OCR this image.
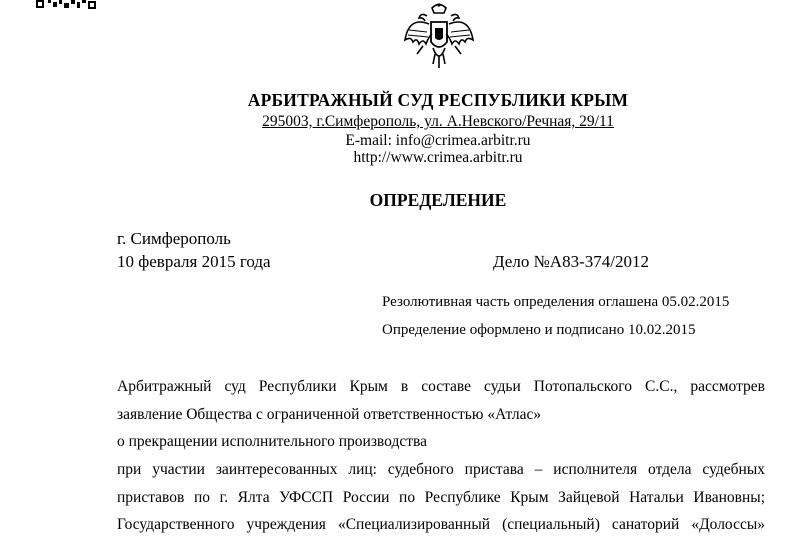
АРБИТРАЖНЫЙ СУД РЕСПУБЛИКИ КРЫМ
295003, г.Симферополь, ул. А.Невского/Речная, 29/11
E-mail: info@crimea.arbitr.ru
http://www.crimea.arbitr.ru
ОПРЕДЕЛЕНИЕ
г. Симферополь
10 февраля 2015 года	Дело №А83-374/2012
Резолютивная часть определения оглашена 05.02.2015
Определение оформлено и подписано 10.02.2015
Арбитражный суд Республики Крым в составе судьи Потопальского С.С., рассмотрев
заявление Общества с ограниченной ответственностью «Атлас»
о прекращении исполнительного производства
при участии заинтересованных лиц: судебного пристава – исполнителя отдела судебных
приставов по г. Ялта УФССП России по Республике Крым Зайцевой Натальи Ивановны;
Государственного учреждения «Специализированный (специальный) санаторий «Долоссы»
